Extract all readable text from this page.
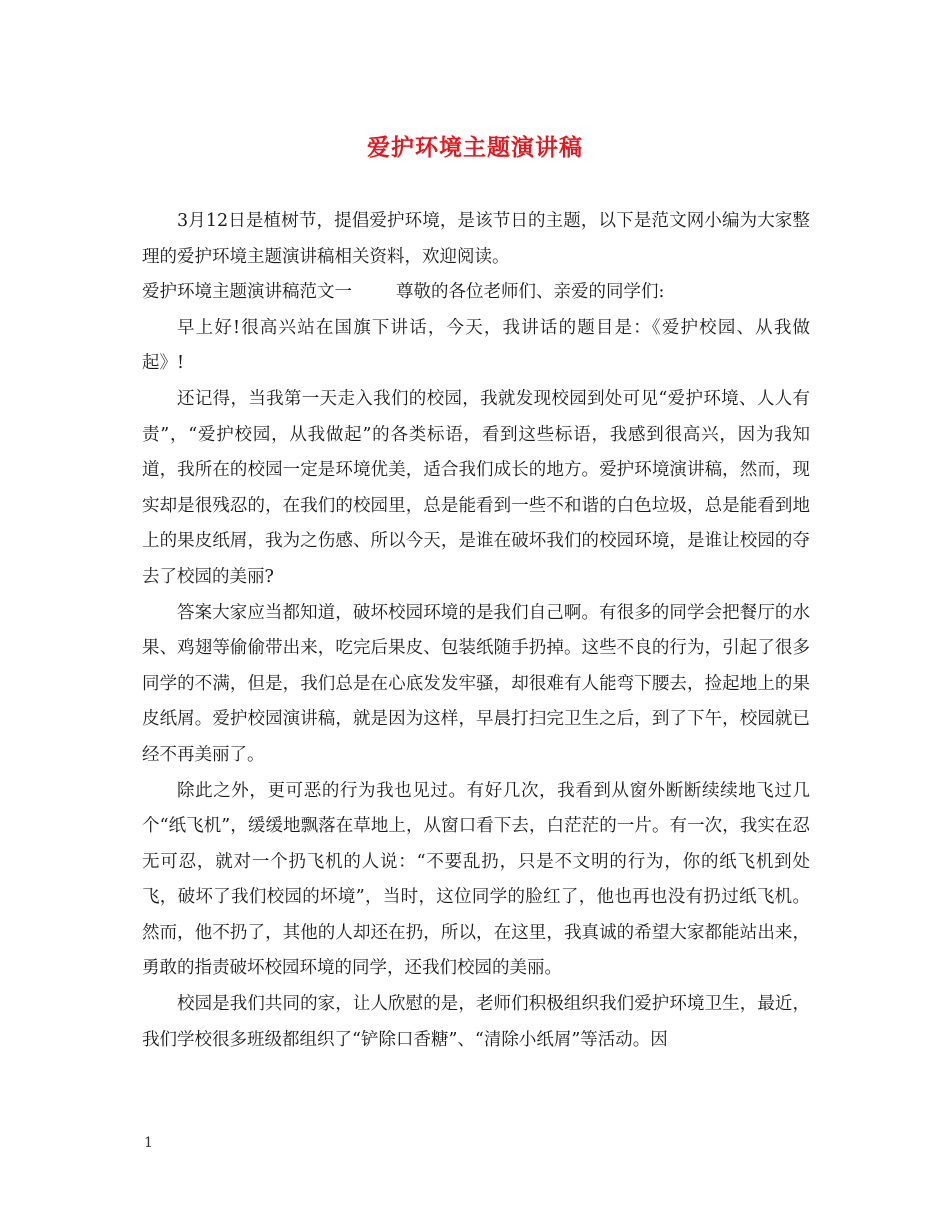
爱护环境主题演讲稿

3月12日是植树节，提倡爱护环境，是该节日的主题，以下是范文网小编为大家整理的爱护环境主题演讲稿相关资料，欢迎阅读。

爱护环境主题演讲稿范文一	尊敬的各位老师们、亲爱的同学们:

早上好!很高兴站在国旗下讲话，今天，我讲话的题目是：《爱护校园、从我做起》!

还记得，当我第一天走入我们的校园，我就发现校园到处可见“爱护环境、人人有责”，“爱护校园，从我做起”的各类标语，看到这些标语，我感到很高兴，因为我知道，我所在的校园一定是环境优美，适合我们成长的地方。爱护环境演讲稿，然而，现实却是很残忍的，在我们的校园里，总是能看到一些不和谐的白色垃圾，总是能看到地上的果皮纸屑，我为之伤感、所以今天，是谁在破坏我们的校园环境，是谁让校园的夺去了校园的美丽?

答案大家应当都知道，破坏校园环境的是我们自己啊。有很多的同学会把餐厅的水果、鸡翅等偷偷带出来，吃完后果皮、包装纸随手扔掉。这些不良的行为，引起了很多同学的不满，但是，我们总是在心底发发牢骚，却很难有人能弯下腰去，捡起地上的果皮纸屑。爱护校园演讲稿，就是因为这样，早晨打扫完卫生之后，到了下午，校园就已经不再美丽了。

除此之外，更可恶的行为我也见过。有好几次，我看到从窗外断断续续地飞过几个“纸飞机”，缓缓地飘落在草地上，从窗口看下去，白茫茫的一片。有一次，我实在忍无可忍，就对一个扔飞机的人说：“不要乱扔，只是不文明的行为，你的纸飞机到处飞，破坏了我们校园的坏境”，当时，这位同学的脸红了，他也再也没有扔过纸飞机。然而，他不扔了，其他的人却还在扔，所以，在这里，我真诚的希望大家都能站出来，勇敢的指责破坏校园环境的同学，还我们校园的美丽。

校园是我们共同的家，让人欣慰的是，老师们积极组织我们爱护环境卫生，最近，我们学校很多班级都组织了“铲除口香糖”、“清除小纸屑”等活动。因

1
